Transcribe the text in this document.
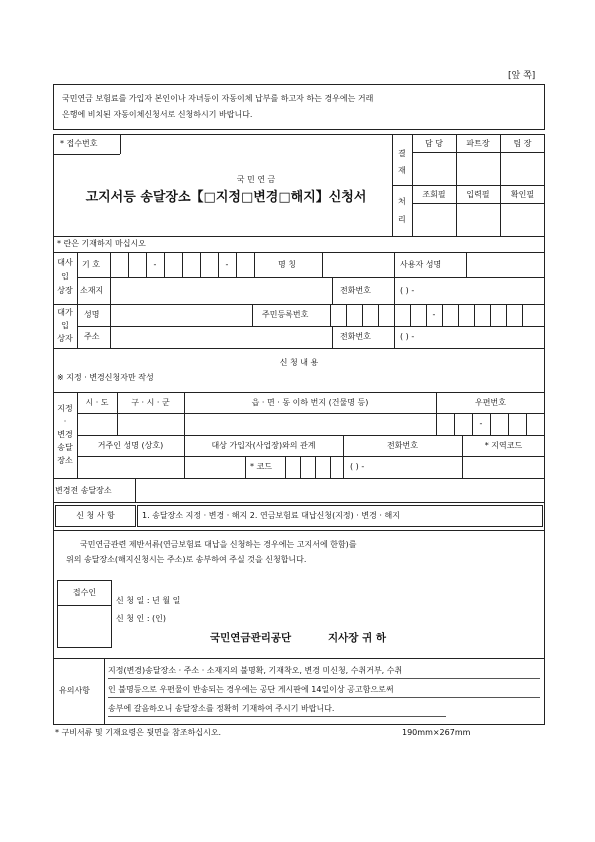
[앞 쪽]
국민연금 보험료를 가입자 본인이나 자녀등이 자동이체 납부를 하고자 하는 경우에는 거래
은행에 비치된 자동이체신청서로 신청하시기 바랍니다.
* 접수번호
국 민 연 금
고지서등 송달장소【□지정□변경□해지】신청서
결
재
담 당	파트장	팀 장
처
리
조회필	입력필	확인필
* 란은 기재하지 마십시오
대사
입
상장
기 호	-	-	명 칭	사용자 성명
소재지	전화번호	( ) -
대가
입
상자
성명	주민등록번호	-
주소	전화번호	( ) -
신 청 내 용
※ 지정 · 변경신청자만 작성
지정
·
변경
송달
장소
시 · 도	구 · 시 · 군	읍 · 면 · 동 이하 번지 (건물명 등)	우편번호
-
거주인 성명 (상호)	대상 가입자(사업장)와의 관계	전화번호	* 지역코드
* 코드	( ) -
변경전 송달장소
신 청 사 항	1. 송달장소 지정 · 변경 · 해지 2. 연금보험료 대납신청(지정) · 변경 · 해지
국민연금관련 제반서류(연금보험료 대납을 신청하는 경우에는 고지서에 한함)를
위의 송달장소(해지신청시는 주소)로 송부하여 주실 것을 신청합니다.
접수인
신 청 일 : 년 월 일
신 청 인 : (인)
국민연금관리공단	지사장 귀 하
유의사항
지정(변경)송달장소 · 주소 · 소재지의 불명확, 기재착오, 변경 미신청, 수취거부, 수취
인 불명등으로 우편물이 반송되는 경우에는 공단 게시판에 14일이상 공고함으로써
송부에 갈음하오니 송달장소를 정확히 기재하여 주시기 바랍니다.
* 구비서류 및 기재요령은 뒷면을 참조하십시오.	190mm×267mm
